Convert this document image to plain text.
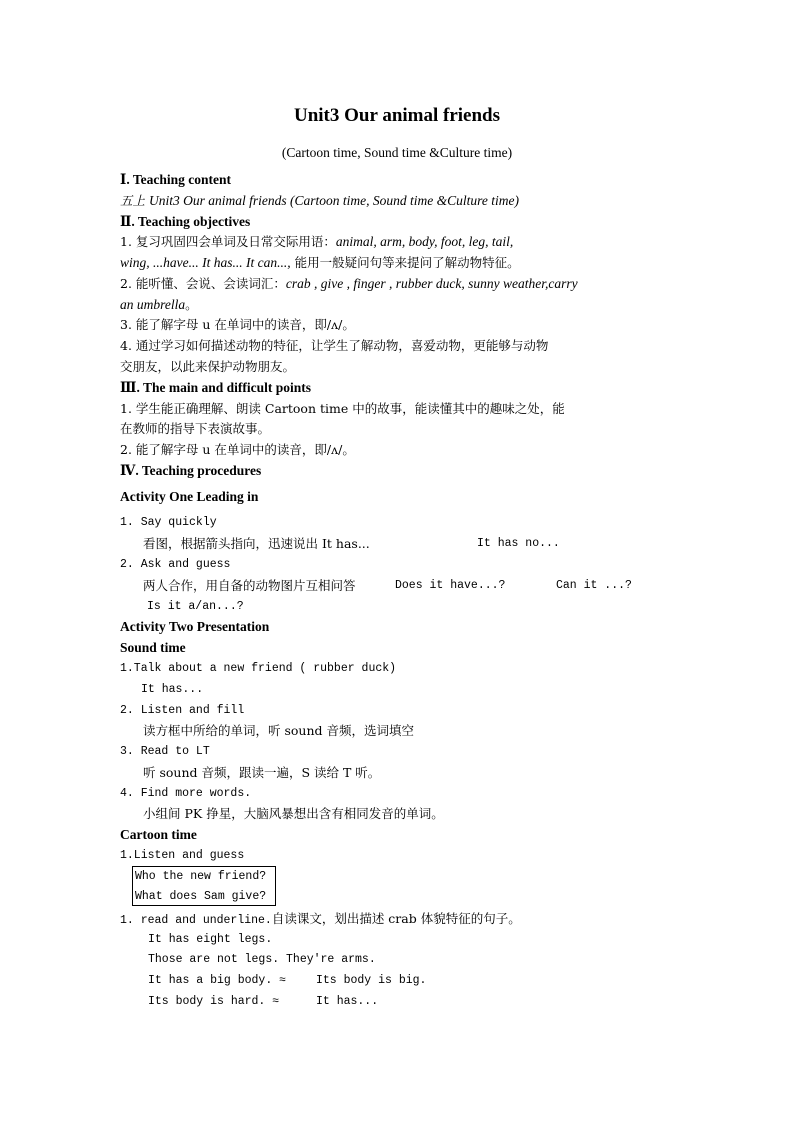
Unit3 Our animal friends
(Cartoon time, Sound time &Culture time)
Ⅰ. Teaching content
五上 Unit3 Our animal friends (Cartoon time, Sound time &Culture time)
Ⅱ. Teaching objectives
1. 复习巩固四会单词及日常交际用语：animal, arm, body, foot, leg, tail,
wing, ...have... It has... It can..., 能用一般疑问句等来提问了解动物特征。
2. 能听懂、会说、会读词汇：crab , give , finger , rubber duck, sunny weather,carry
an umbrella。
3. 能了解字母 u 在单词中的读音，即/ʌ/。
4. 通过学习如何描述动物的特征，让学生了解动物，喜爱动物，更能够与动物
交朋友，以此来保护动物朋友。
Ⅲ. The main and difficult points
1. 学生能正确理解、朗读 Cartoon time 中的故事，能读懂其中的趣味之处，能
在教师的指导下表演故事。
2. 能了解字母 u 在单词中的读音，即/ʌ/。
Ⅳ. Teaching procedures
Activity One Leading in
1. Say quickly
看图，根据箭头指向，迅速说出 It has...	It has no...
2. Ask and guess
两人合作，用自备的动物图片互相问答	Does it have...?	Can it ...?
Is it a/an...?
Activity Two Presentation
Sound time
1.Talk about a new friend ( rubber duck)
It has...
2. Listen and fill
读方框中所给的单词，听 sound 音频，选词填空
3. Read to LT
听 sound 音频，跟读一遍，S 读给 T 听。
4. Find more words.
小组间 PK 挣星，大脑风暴想出含有相同发音的单词。
Cartoon time
1.Listen and guess
Who the new friend?
What does Sam give?
1. read and underline.自读课文，划出描述 crab 体貌特征的句子。
It has eight legs.
Those are not legs. They're arms.
It has a big body. ≈	Its body is big.
Its body is hard. ≈	It has...
